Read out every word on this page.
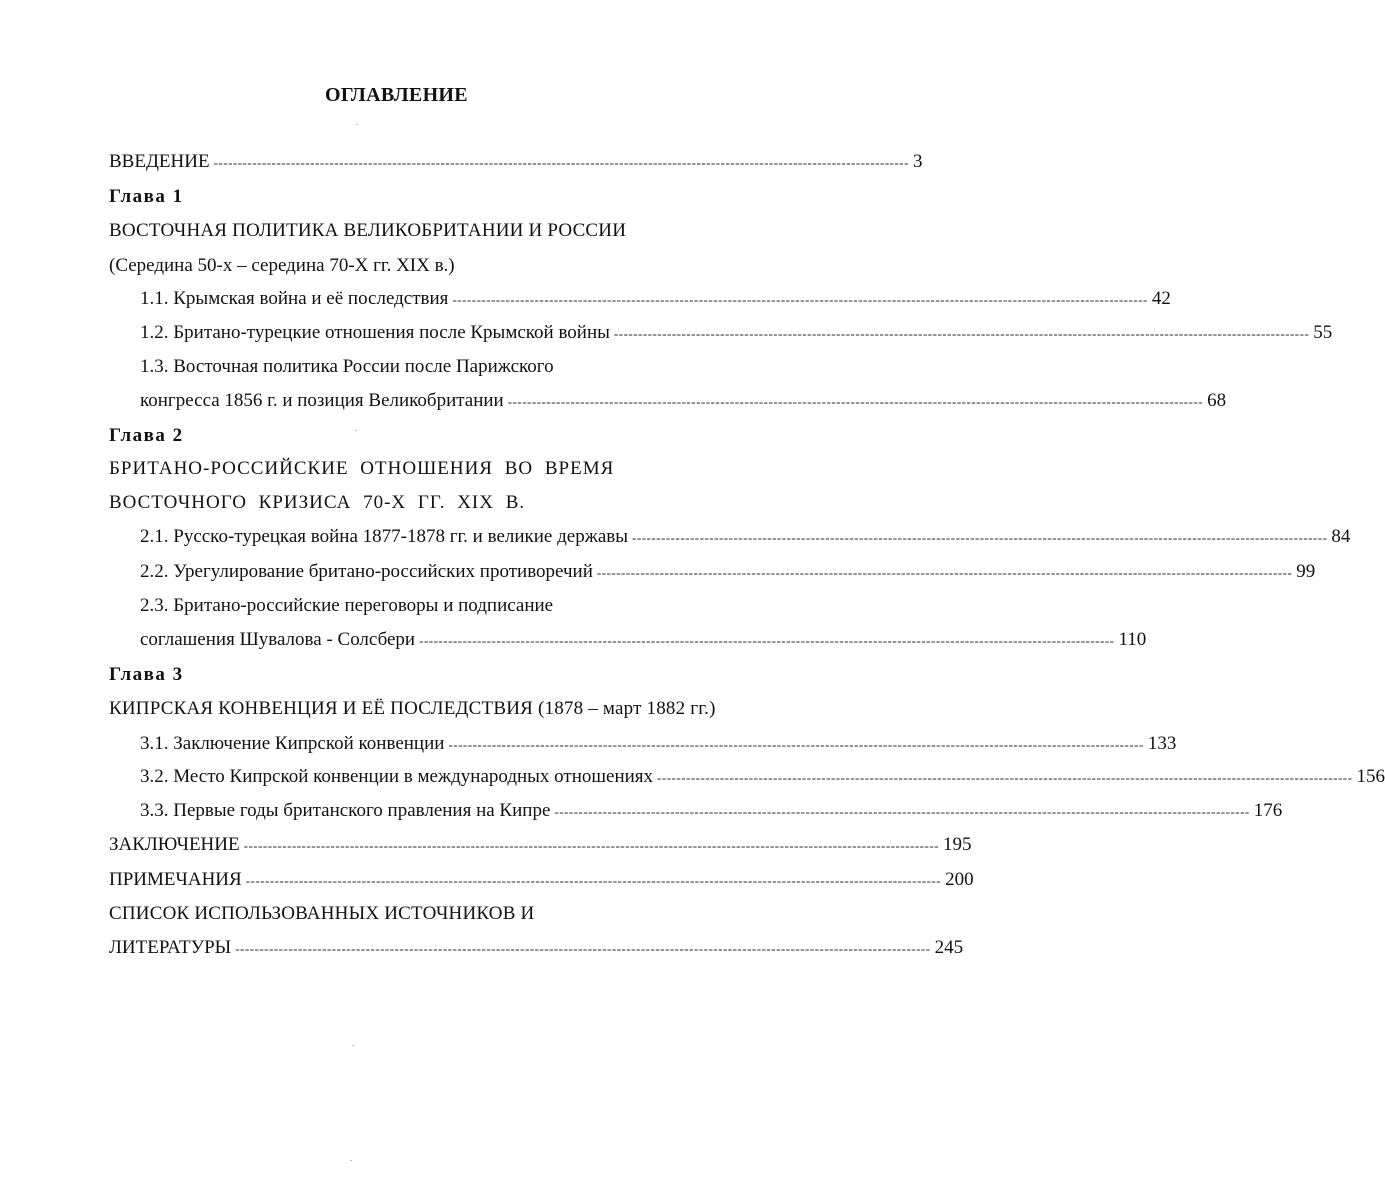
ОГЛАВЛЕНИЕ
ВВЕДЕНИЕ ------------------------------------------------------------------------------------------------------------------------------------------------ 3
Глава 1
ВОСТОЧНАЯ ПОЛИТИКА ВЕЛИКОБРИТАНИИ И РОССИИ
(Середина 50-х – середина 70-Х гг. XIX в.)
1.1. Крымская война и её последствия ------------------------------------------------------------------------------------------------------------------------------------------------ 42
1.2. Британо-турецкие отношения после Крымской войны ------------------------------------------------------------------------------------------------------------------------------------------------ 55
1.3. Восточная политика России после Парижского
конгресса 1856 г. и позиция Великобритании ------------------------------------------------------------------------------------------------------------------------------------------------ 68
Глава 2
БРИТАНО-РОССИЙСКИЕ ОТНОШЕНИЯ ВО ВРЕМЯ
ВОСТОЧНОГО КРИЗИСА 70-Х ГГ. XIX В.
2.1. Русско-турецкая война 1877-1878 гг. и великие державы ------------------------------------------------------------------------------------------------------------------------------------------------ 84
2.2. Урегулирование британо-российских противоречий ------------------------------------------------------------------------------------------------------------------------------------------------ 99
2.3. Британо-российские переговоры и подписание
соглашения Шувалова - Солсбери ------------------------------------------------------------------------------------------------------------------------------------------------ 110
Глава 3
КИПРСКАЯ КОНВЕНЦИЯ И ЕЁ ПОСЛЕДСТВИЯ (1878 – март 1882 гг.)
3.1. Заключение Кипрской конвенции ------------------------------------------------------------------------------------------------------------------------------------------------ 133
3.2. Место Кипрской конвенции в международных отношениях ------------------------------------------------------------------------------------------------------------------------------------------------ 156
3.3. Первые годы британского правления на Кипре ------------------------------------------------------------------------------------------------------------------------------------------------ 176
ЗАКЛЮЧЕНИЕ ------------------------------------------------------------------------------------------------------------------------------------------------ 195
ПРИМЕЧАНИЯ ------------------------------------------------------------------------------------------------------------------------------------------------ 200
СПИСОК ИСПОЛЬЗОВАННЫХ ИСТОЧНИКОВ И
ЛИТЕРАТУРЫ ------------------------------------------------------------------------------------------------------------------------------------------------ 245
